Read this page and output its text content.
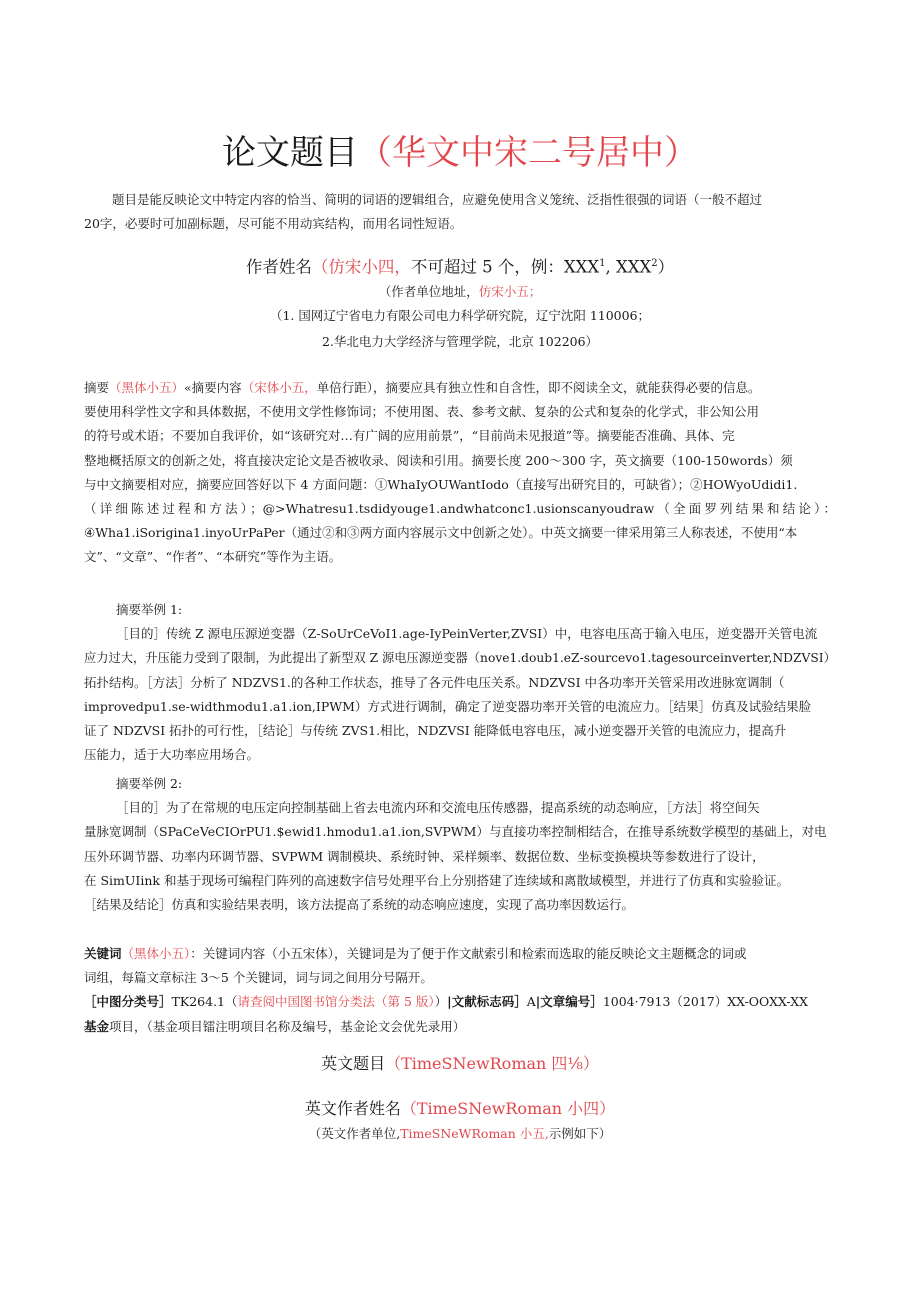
论文题目（华文中宋二号居中）
题目是能反映论文中特定内容的恰当、简明的词语的逻辑组合，应避免使用含义笼统、泛指性很强的词语（一般不超过
20字，必要时可加副标题，尽可能不用动宾结构，而用名词性短语。
作者姓名（仿宋小四，不可超过 5 个，例：XXX$^1$, XXX$^2$）
（作者单位地址，仿宋小五；
（1. 国网辽宁省电力有限公司电力科学研究院，辽宁沈阳 110006；
2.华北电力大学经济与管理学院，北京 102206）
摘要（黑体小五）«摘要内容（宋体小五，单倍行距），摘要应具有独立性和自含性，即不阅读全文，就能获得必要的信息。
要使用科学性文字和具体数据，不使用文学性修饰词；不使用图、表、参考文献、复杂的公式和复杂的化学式，非公知公用
的符号或术语；不要加自我评价，如“该研究对…有广阔的应用前景”，“目前尚未见报道”等。摘要能否准确、具体、完
整地概括原文的创新之处，将直接决定论文是否被收录、阅读和引用。摘要长度 200～300 字，英文摘要（100-150words）须
与中文摘要相对应，摘要应回答好以下 4 方面问题：①WhaIyOUWantIodo（直接写出研究目的，可缺省）；②HOWyoUdidi1.
（详细陈述过程和方法）；@>Whatresu1.tsdidyouge1.andwhatconc1.usionscanyoudraw（全面罗列结果和结论）：
④Wha1.iSorigina1.inyoUrPaPer（通过②和③两方面内容展示文中创新之处）。中英文摘要一律采用第三人称表述，不使用“本
文”、“文章”、“作者”、“本研究”等作为主语。
摘要举例 1:
［目的］传统 Z 源电压源逆变器（Z-SoUrCeVoI1.age-IyPeinVerter,ZVSI）中，电容电压高于输入电压，逆变器开关管电流
应力过大，升压能力受到了限制，为此提出了新型双 Z 源电压源逆变器（nove1.doub1.eZ-sourcevo1.tagesourceinverter,NDZVSI）
拓扑结构。［方法］分析了 NDZVS1.的各种工作状态，推导了各元件电压关系。NDZVSI 中各功率开关管采用改进脉宽调制（
improvedpu1.se-widthmodu1.a1.ion,IPWM）方式进行调制，确定了逆变器功率开关管的电流应力。［结果］仿真及试验结果脸
证了 NDZVSI 拓扑的可行性，［结论］与传统 ZVS1.相比，NDZVSI 能降低电容电压，减小逆变器开关管的电流应力，提高升
压能力，适于大功率应用场合。
摘要举例 2:
［目的］为了在常规的电压定向控制基础上省去电流内环和交流电压传感器，提高系统的动态响应，［方法］将空间矢
量脉宽调制（SPaCeVeCIOrPU1.$ewid1.hmodu1.a1.ion,SVPWM）与直接功率控制相结合，在推导系统数学模型的基础上，对电
压外环调节器、功率内环调节器、SVPWM 调制模块、系统时钟、采样频率、数据位数、坐标变换模块等参数进行了设计，
在 SimUIink 和基于现场可编程门阵列的高速数字信号处理平台上分别搭建了连续域和离散域模型，并进行了仿真和实验验证。
［结果及结论］仿真和实验结果表明，该方法提高了系统的动态响应速度，实现了高功率因数运行。
关键词（黑体小五）：关键词内容（小五宋体），关键词是为了便于作文献索引和检索而选取的能反映论文主题概念的词或
词组，每篇文章标注 3～5 个关键词，词与词之间用分号隔开。
［中图分类号］TK264.1（请查阅中国图书馆分类法（第 5 版））|文献标志码］A|文章编号］1004·7913（2017）XX-OOXX-XX
基金项目，（基金项目镭注明项目名称及编号，基金论文会优先录用）
英文题目（TimeSNewRoman 四⅛）
英文作者姓名（TimeSNewRoman 小四）
（英文作者单位,TimeSNeWRoman 小五,示例如下）
